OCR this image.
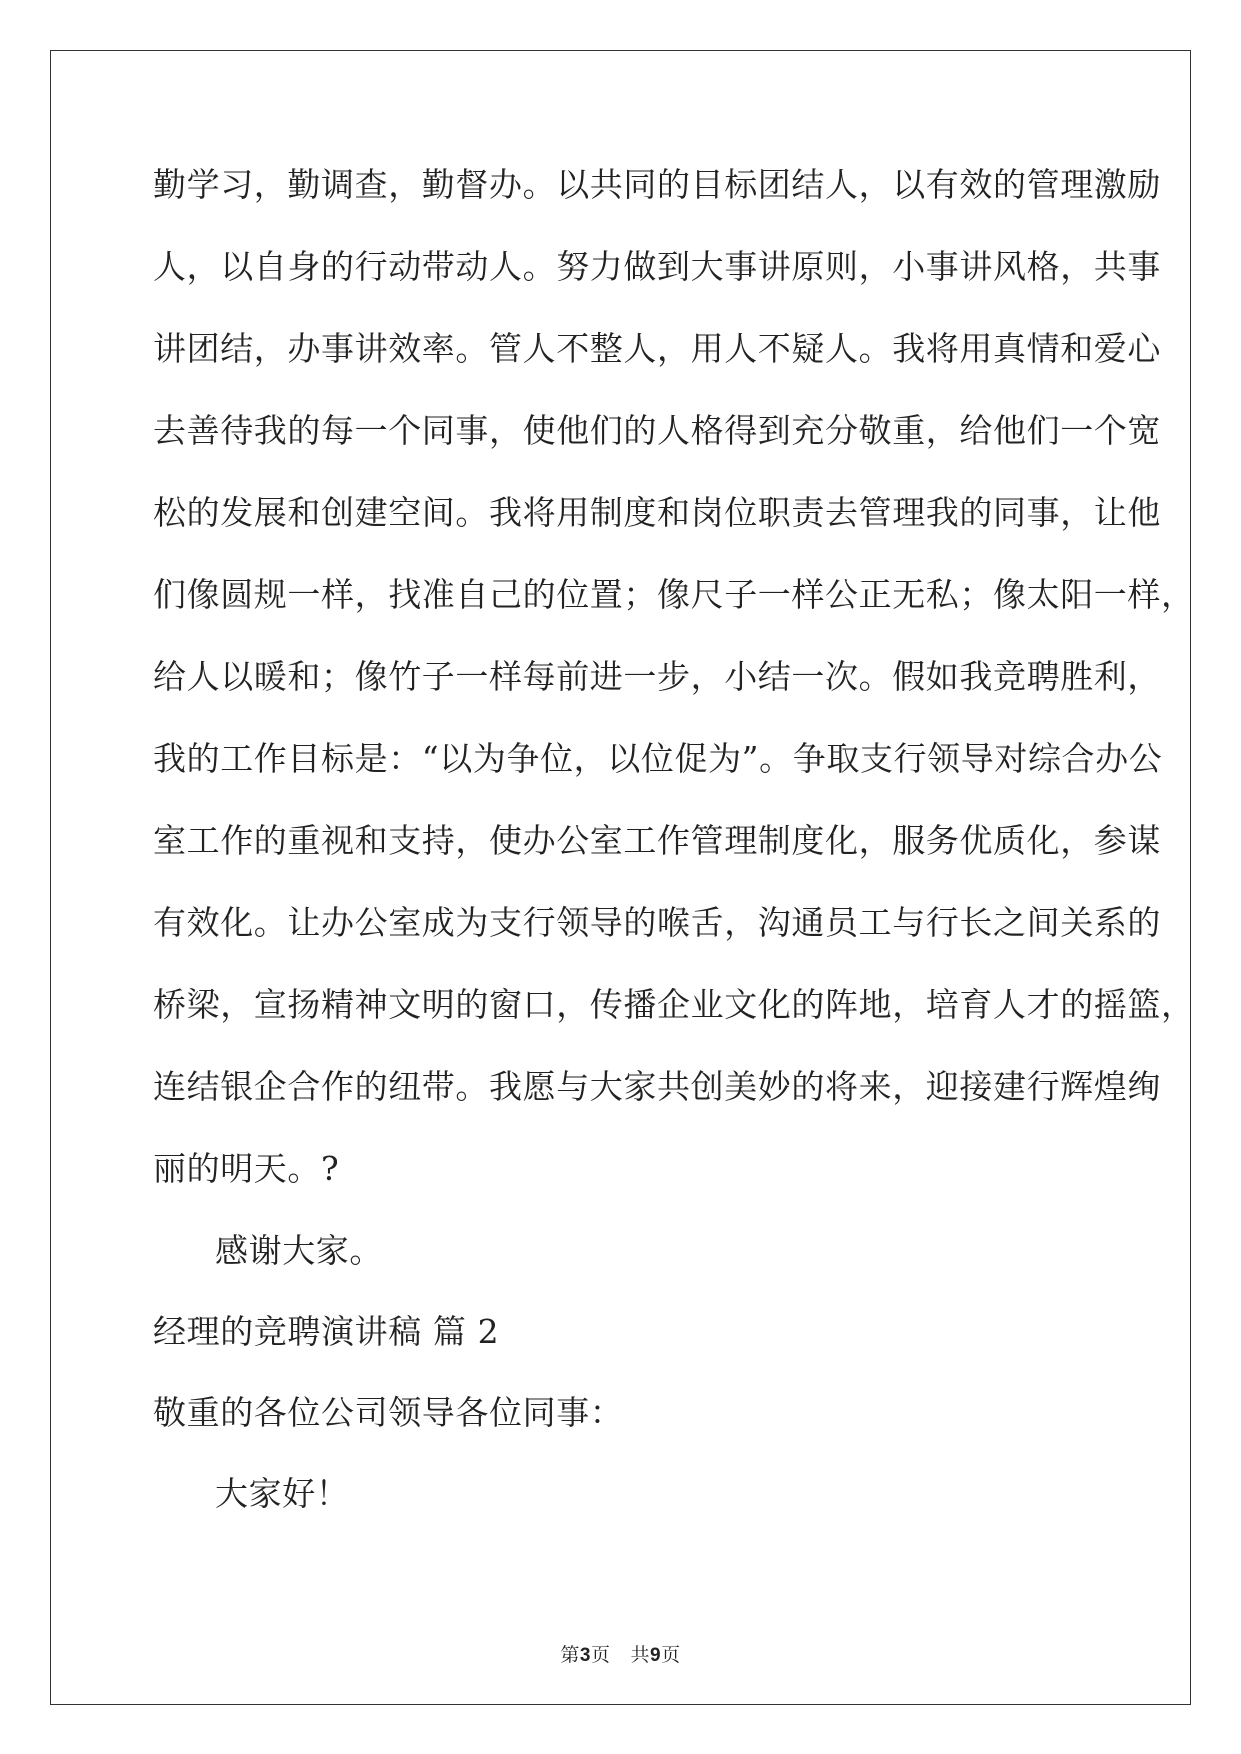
勤学习，勤调查，勤督办。以共同的目标团结人，以有效的管理激励
人，以自身的行动带动人。努力做到大事讲原则，小事讲风格，共事
讲团结，办事讲效率。管人不整人，用人不疑人。我将用真情和爱心
去善待我的每一个同事，使他们的人格得到充分敬重，给他们一个宽
松的发展和创建空间。我将用制度和岗位职责去管理我的同事，让他
们像圆规一样，找准自己的位置；像尺子一样公正无私；像太阳一样，
给人以暖和；像竹子一样每前进一步，小结一次。假如我竞聘胜利，
我的工作目标是：“以为争位，以位促为”。争取支行领导对综合办公
室工作的重视和支持，使办公室工作管理制度化，服务优质化，参谋
有效化。让办公室成为支行领导的喉舌，沟通员工与行长之间关系的
桥梁，宣扬精神文明的窗口，传播企业文化的阵地，培育人才的摇篮，
连结银企合作的纽带。我愿与大家共创美妙的将来，迎接建行辉煌绚
丽的明天。?
感谢大家。
经理的竞聘演讲稿 篇 2
敬重的各位公司领导各位同事：
大家好！
第3页 共9页
